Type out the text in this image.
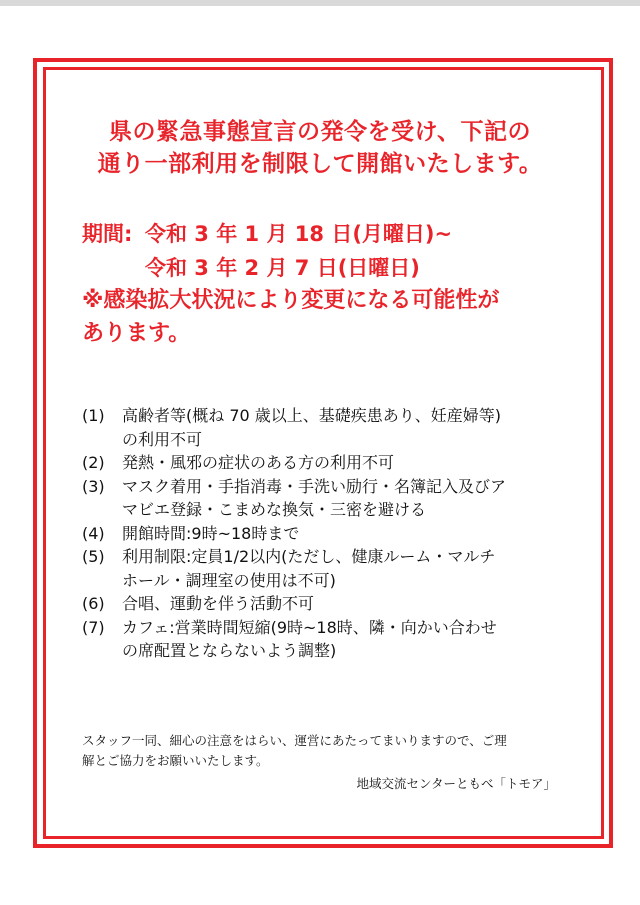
県の緊急事態宣言の発令を受け、下記の
通り一部利用を制限して開館いたします。
期間: 令和 3 年 1 月 18 日(月曜日)~
令和 3 年 2 月 7 日(日曜日)
※感染拡大状況により変更になる可能性が
あります。
(1) 高齢者等(概ね 70 歳以上、基礎疾患あり、妊産婦等)
の利用不可
(2) 発熱・風邪の症状のある方の利用不可
(3) マスク着用・手指消毒・手洗い励行・名簿記入及びア
マビエ登録・こまめな換気・三密を避ける
(4) 開館時間:9時~18時まで
(5) 利用制限:定員1/2以内(ただし、健康ルーム・マルチ
ホール・調理室の使用は不可)
(6) 合唱、運動を伴う活動不可
(7) カフェ:営業時間短縮(9時~18時、隣・向かい合わせ
の席配置とならないよう調整)
スタッフ一同、細心の注意をはらい、運営にあたってまいりますので、ご理
解とご協力をお願いいたします。
地域交流センターともべ「トモア」
